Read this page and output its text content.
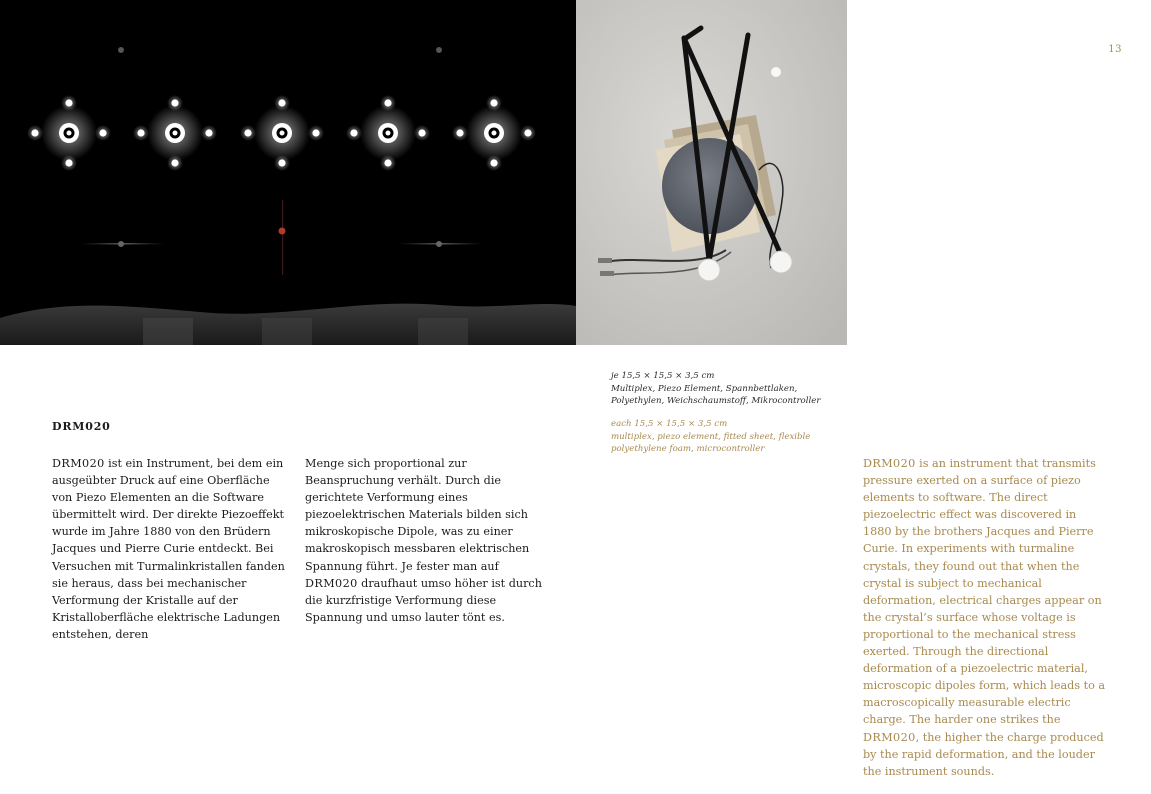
13

je 15,5 × 15,5 × 3,5 cm

Multiplex, Piezo Element, Spannbettlaken, Polyethylen, Weichschaumstoff, Mikrocontroller

each 15,5 × 15,5 × 3,5 cm

multiplex, piezo element, fitted sheet, flexible polyethylene foam, microcontroller

DRM020

DRM020 ist ein Instrument, bei dem ein ausgeübter Druck auf eine Oberfläche von Piezo Elementen an die Software übermittelt wird. Der direkte Piezoeffekt wurde im Jahre 1880 von den Brüdern Jacques und Pierre Curie entdeckt. Bei Versuchen mit Turmalinkristallen fanden sie heraus, dass bei mechanischer Verformung der Kristalle auf der Kristalloberfläche elektrische Ladungen entstehen, deren

Menge sich proportional zur Beanspruchung verhält. Durch die gerichtete Verformung eines piezoelektrischen Materials bilden sich mikroskopische Dipole, was zu einer makroskopisch messbaren elektrischen Spannung führt. Je fester man auf DRM020 draufhaut umso höher ist durch die kurzfristige Verformung diese Spannung und umso lauter tönt es.

DRM020 is an instrument that transmits pressure exerted on a surface of piezo elements to software. The direct piezoelectric effect was discovered in 1880 by the brothers Jacques and Pierre Curie. In experiments with turmaline crystals, they found out that when the crystal is subject to mechanical deformation, electrical charges appear on the crystal’s surface whose voltage is proportional to the mechanical stress exerted. Through the directional deformation of a piezoelectric material, microscopic dipoles form, which leads to a macroscopically measurable electric charge. The harder one strikes the DRM020, the higher the charge produced by the rapid deformation, and the louder the instrument sounds.
